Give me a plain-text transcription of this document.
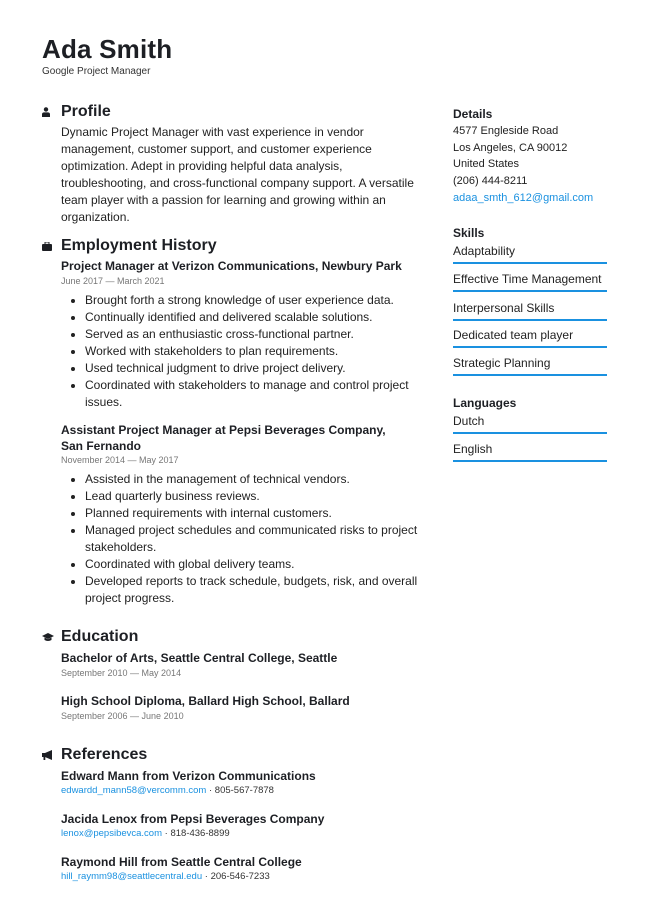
Ada Smith
Google Project Manager
Profile

Dynamic Project Manager with vast experience in vendor management, customer support, and customer experience optimization. Adept in providing helpful data analysis, troubleshooting, and cross-functional company support. A versatile team player with a passion for learning and growing within an organization.

Employment History
Project Manager at Verizon Communications, Newbury Park
June 2017 — March 2021
• Brought forth a strong knowledge of user experience data.
• Continually identified and delivered scalable solutions.
• Served as an enthusiastic cross-functional partner.
• Worked with stakeholders to plan requirements.
• Used technical judgment to drive project delivery.
• Coordinated with stakeholders to manage and control project issues.
Assistant Project Manager at Pepsi Beverages Company, San Fernando
November 2014 — May 2017
• Assisted in the management of technical vendors.
• Lead quarterly business reviews.
• Planned requirements with internal customers.
• Managed project schedules and communicated risks to project stakeholders.
• Coordinated with global delivery teams.
• Developed reports to track schedule, budgets, risk, and overall project progress.
Education
Bachelor of Arts, Seattle Central College, Seattle
September 2010 — May 2014
High School Diploma, Ballard High School, Ballard
September 2006 — June 2010
References
Edward Mann from Verizon Communications
edwardd_mann58@vercomm.com · 805-567-7878
Jacida Lenox from Pepsi Beverages Company
lenox@pepsibevca.com · 818-436-8899
Raymond Hill from Seattle Central College
hill_raymm98@seattlecentral.edu · 206-546-7233
Details
4577 Engleside Road
Los Angeles, CA 90012
United States
(206) 444-8211
adaa_smth_612@gmail.com
Skills
Adaptability
Effective Time Management
Interpersonal Skills
Dedicated team player
Strategic Planning
Languages
Dutch
English
